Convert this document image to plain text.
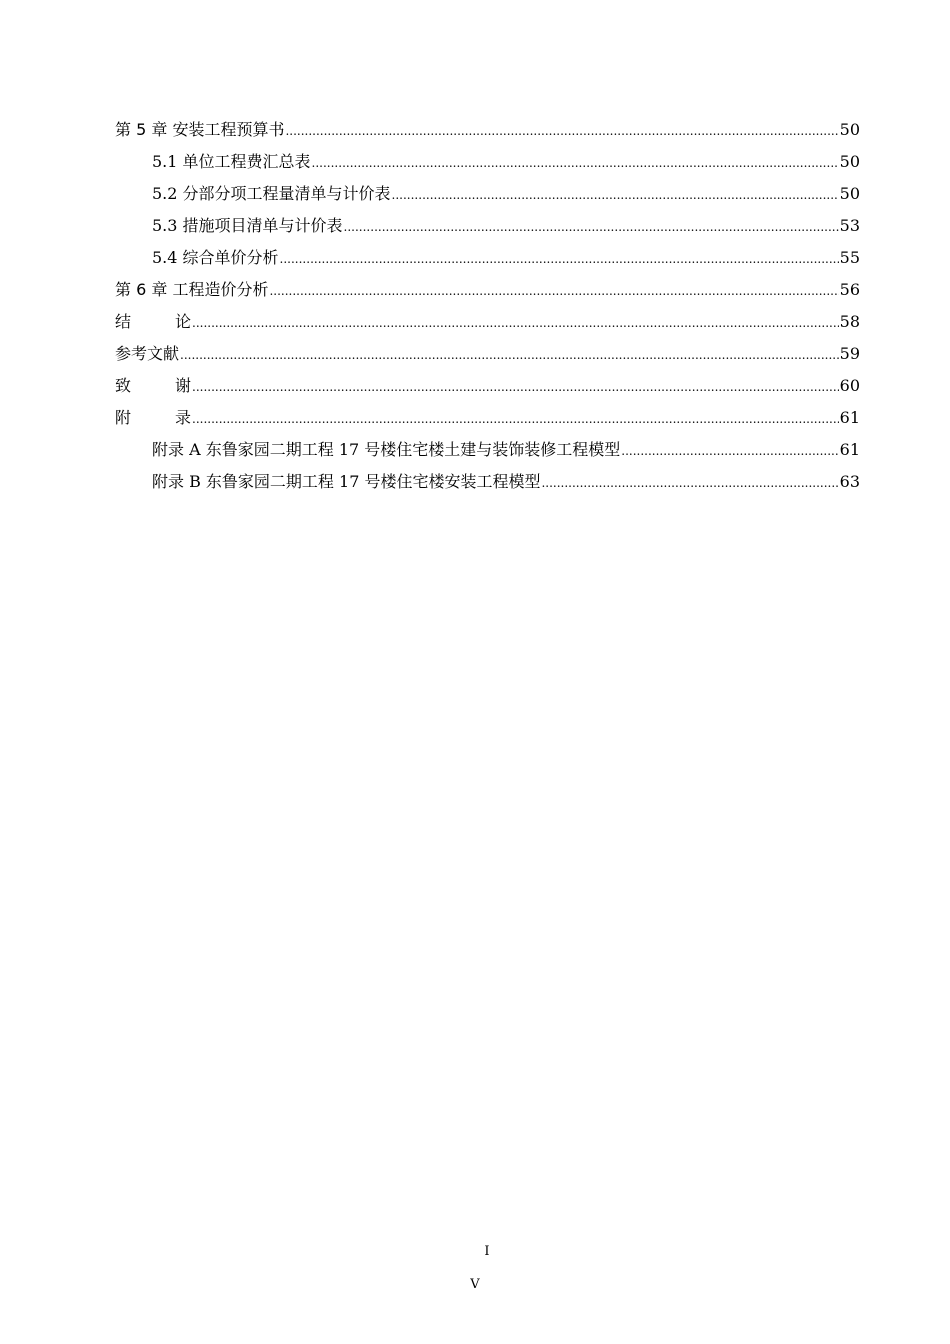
第 5 章 安装工程预算书 .....	50
5.1 单位工程费汇总表 .....	50
5.2 分部分项工程量清单与计价表 .....	50
5.3 措施项目清单与计价表 .....	53
5.4 综合单价分析 .....	55
第 6 章 工程造价分析 .....	56
结	论 .....	58
参考文献 .....	59
致	谢 .....	60
附	录 .....	61
附录 A 东鲁家园二期工程 17 号楼住宅楼土建与装饰装修工程模型 .....	61
附录 B 东鲁家园二期工程 17 号楼住宅楼安装工程模型 .....	63
I
V
